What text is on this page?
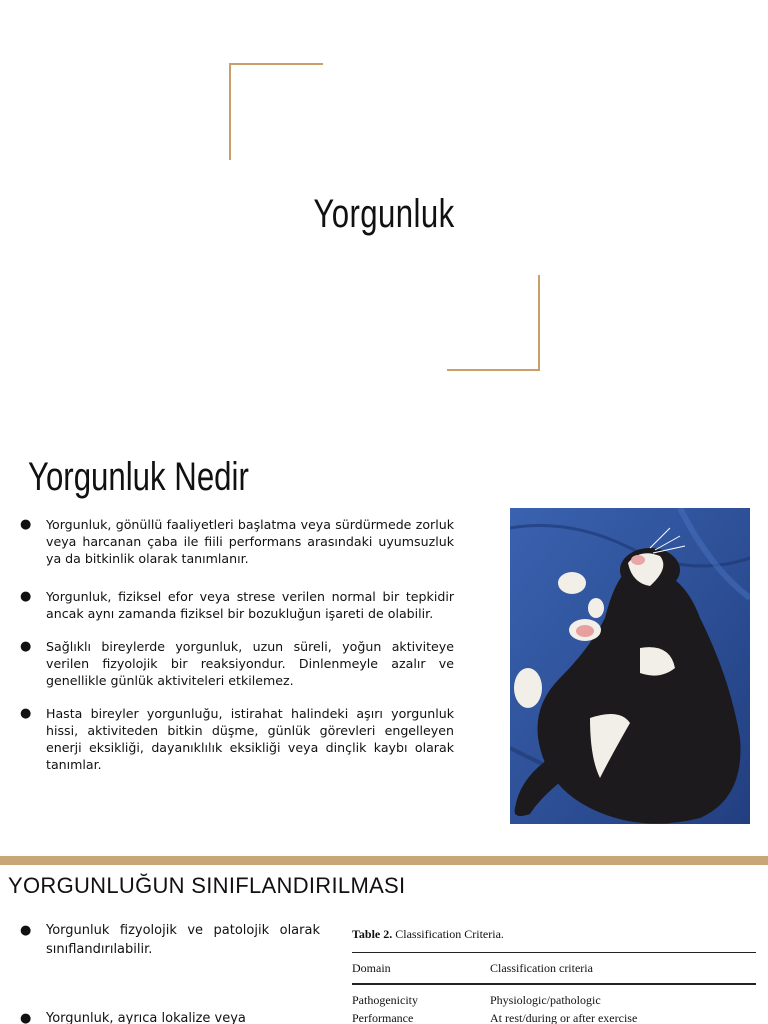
Yorgunluk
Yorgunluk Nedir
● Yorgunluk, gönüllü faaliyetleri başlatma veya sürdürmede zorluk veya harcanan çaba ile fiili performans arasındaki uyumsuzluk ya da bitkinlik olarak tanımlanır.
● Yorgunluk, fiziksel efor veya strese verilen normal bir tepkidir ancak aynı zamanda fiziksel bir bozukluğun işareti de olabilir.
● Sağlıklı bireylerde yorgunluk, uzun süreli, yoğun aktiviteye verilen fizyolojik bir reaksiyondur. Dinlenmeyle azalır ve genellikle günlük aktiviteleri etkilemez.
● Hasta bireyler yorgunluğu, istirahat halindeki aşırı yorgunluk hissi, aktiviteden bitkin düşme, günlük görevleri engelleyen enerji eksikliği, dayanıklılık eksikliği veya dinçlik kaybı olarak tanımlar.
YORGUNLUĞUN SINIFLANDIRILMASI
● Yorgunluk fizyolojik ve patolojik olarak sınıflandırılabilir.
● Yorgunluk, ayrıca lokalize veya
Table 2. Classification Criteria.
Domain	Classification criteria
Pathogenicity	Physiologic/pathologic
Performance	At rest/during or after exercise
